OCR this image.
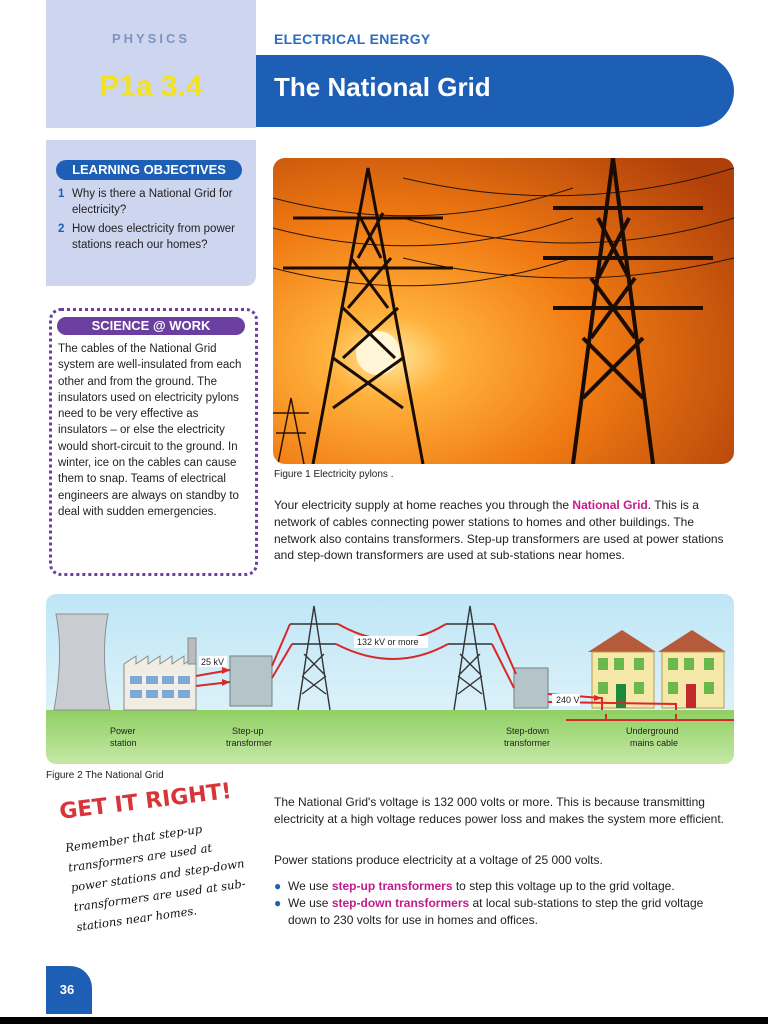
PHYSICS
P1a 3.4
ELECTRICAL ENERGY
The National Grid
LEARNING OBJECTIVES
1 Why is there a National Grid for electricity?
2 How does electricity from power stations reach our homes?
SCIENCE @ WORK
The cables of the National Grid system are well-insulated from each other and from the ground. The insulators used on electricity pylons need to be very effective as insulators – or else the electricity would short-circuit to the ground. In winter, ice on the cables can cause them to snap. Teams of electrical engineers are always on standby to deal with sudden emergencies.
Figure 1 Electricity pylons .
Your electricity supply at home reaches you through the National Grid. This is a network of cables connecting power stations to homes and other buildings. The network also contains transformers. Step-up transformers are used at power stations and step-down transformers are used at sub-stations near homes.
25 kV
132 kV or more
240 V
Power
station
Step-up
transformer
Step-down
transformer
Underground
mains cable
Figure 2 The National Grid
GET IT RIGHT!
Remember that step-up transformers are used at power stations and step-down transformers are used at sub-stations near homes.
The National Grid's voltage is 132 000 volts or more. This is because transmitting electricity at a high voltage reduces power loss and makes the system more efficient.
Power stations produce electricity at a voltage of 25 000 volts.
● We use step-up transformers to step this voltage up to the grid voltage.
● We use step-down transformers at local sub-stations to step the grid voltage down to 230 volts for use in homes and offices.
36
